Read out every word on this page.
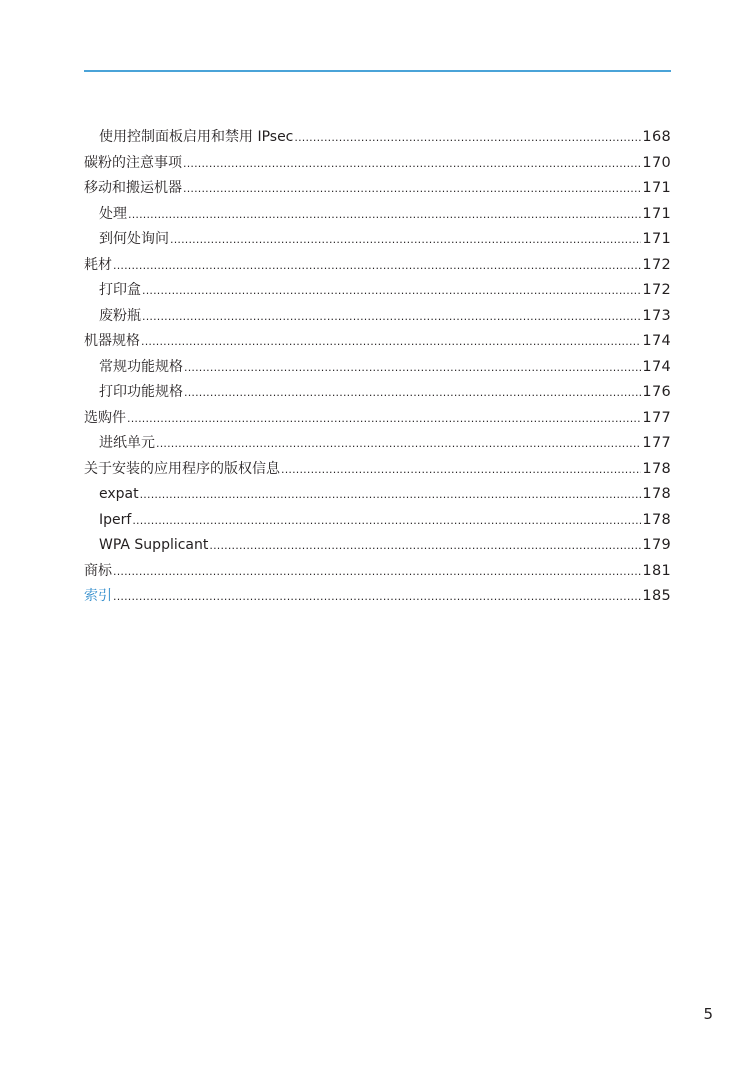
使用控制面板启用和禁用 IPsec .....	168
碳粉的注意事项 .....	170
移动和搬运机器 .....	171
处理 .....	171
到何处询问 .....	171
耗材 .....	172
打印盒 .....	172
废粉瓶 .....	173
机器规格 .....	174
常规功能规格 .....	174
打印功能规格 .....	176
选购件 .....	177
进纸单元 .....	177
关于安装的应用程序的版权信息 .....	178
expat .....	178
Iperf .....	178
WPA Supplicant .....	179
商标 .....	181
索引 .....	185
5
